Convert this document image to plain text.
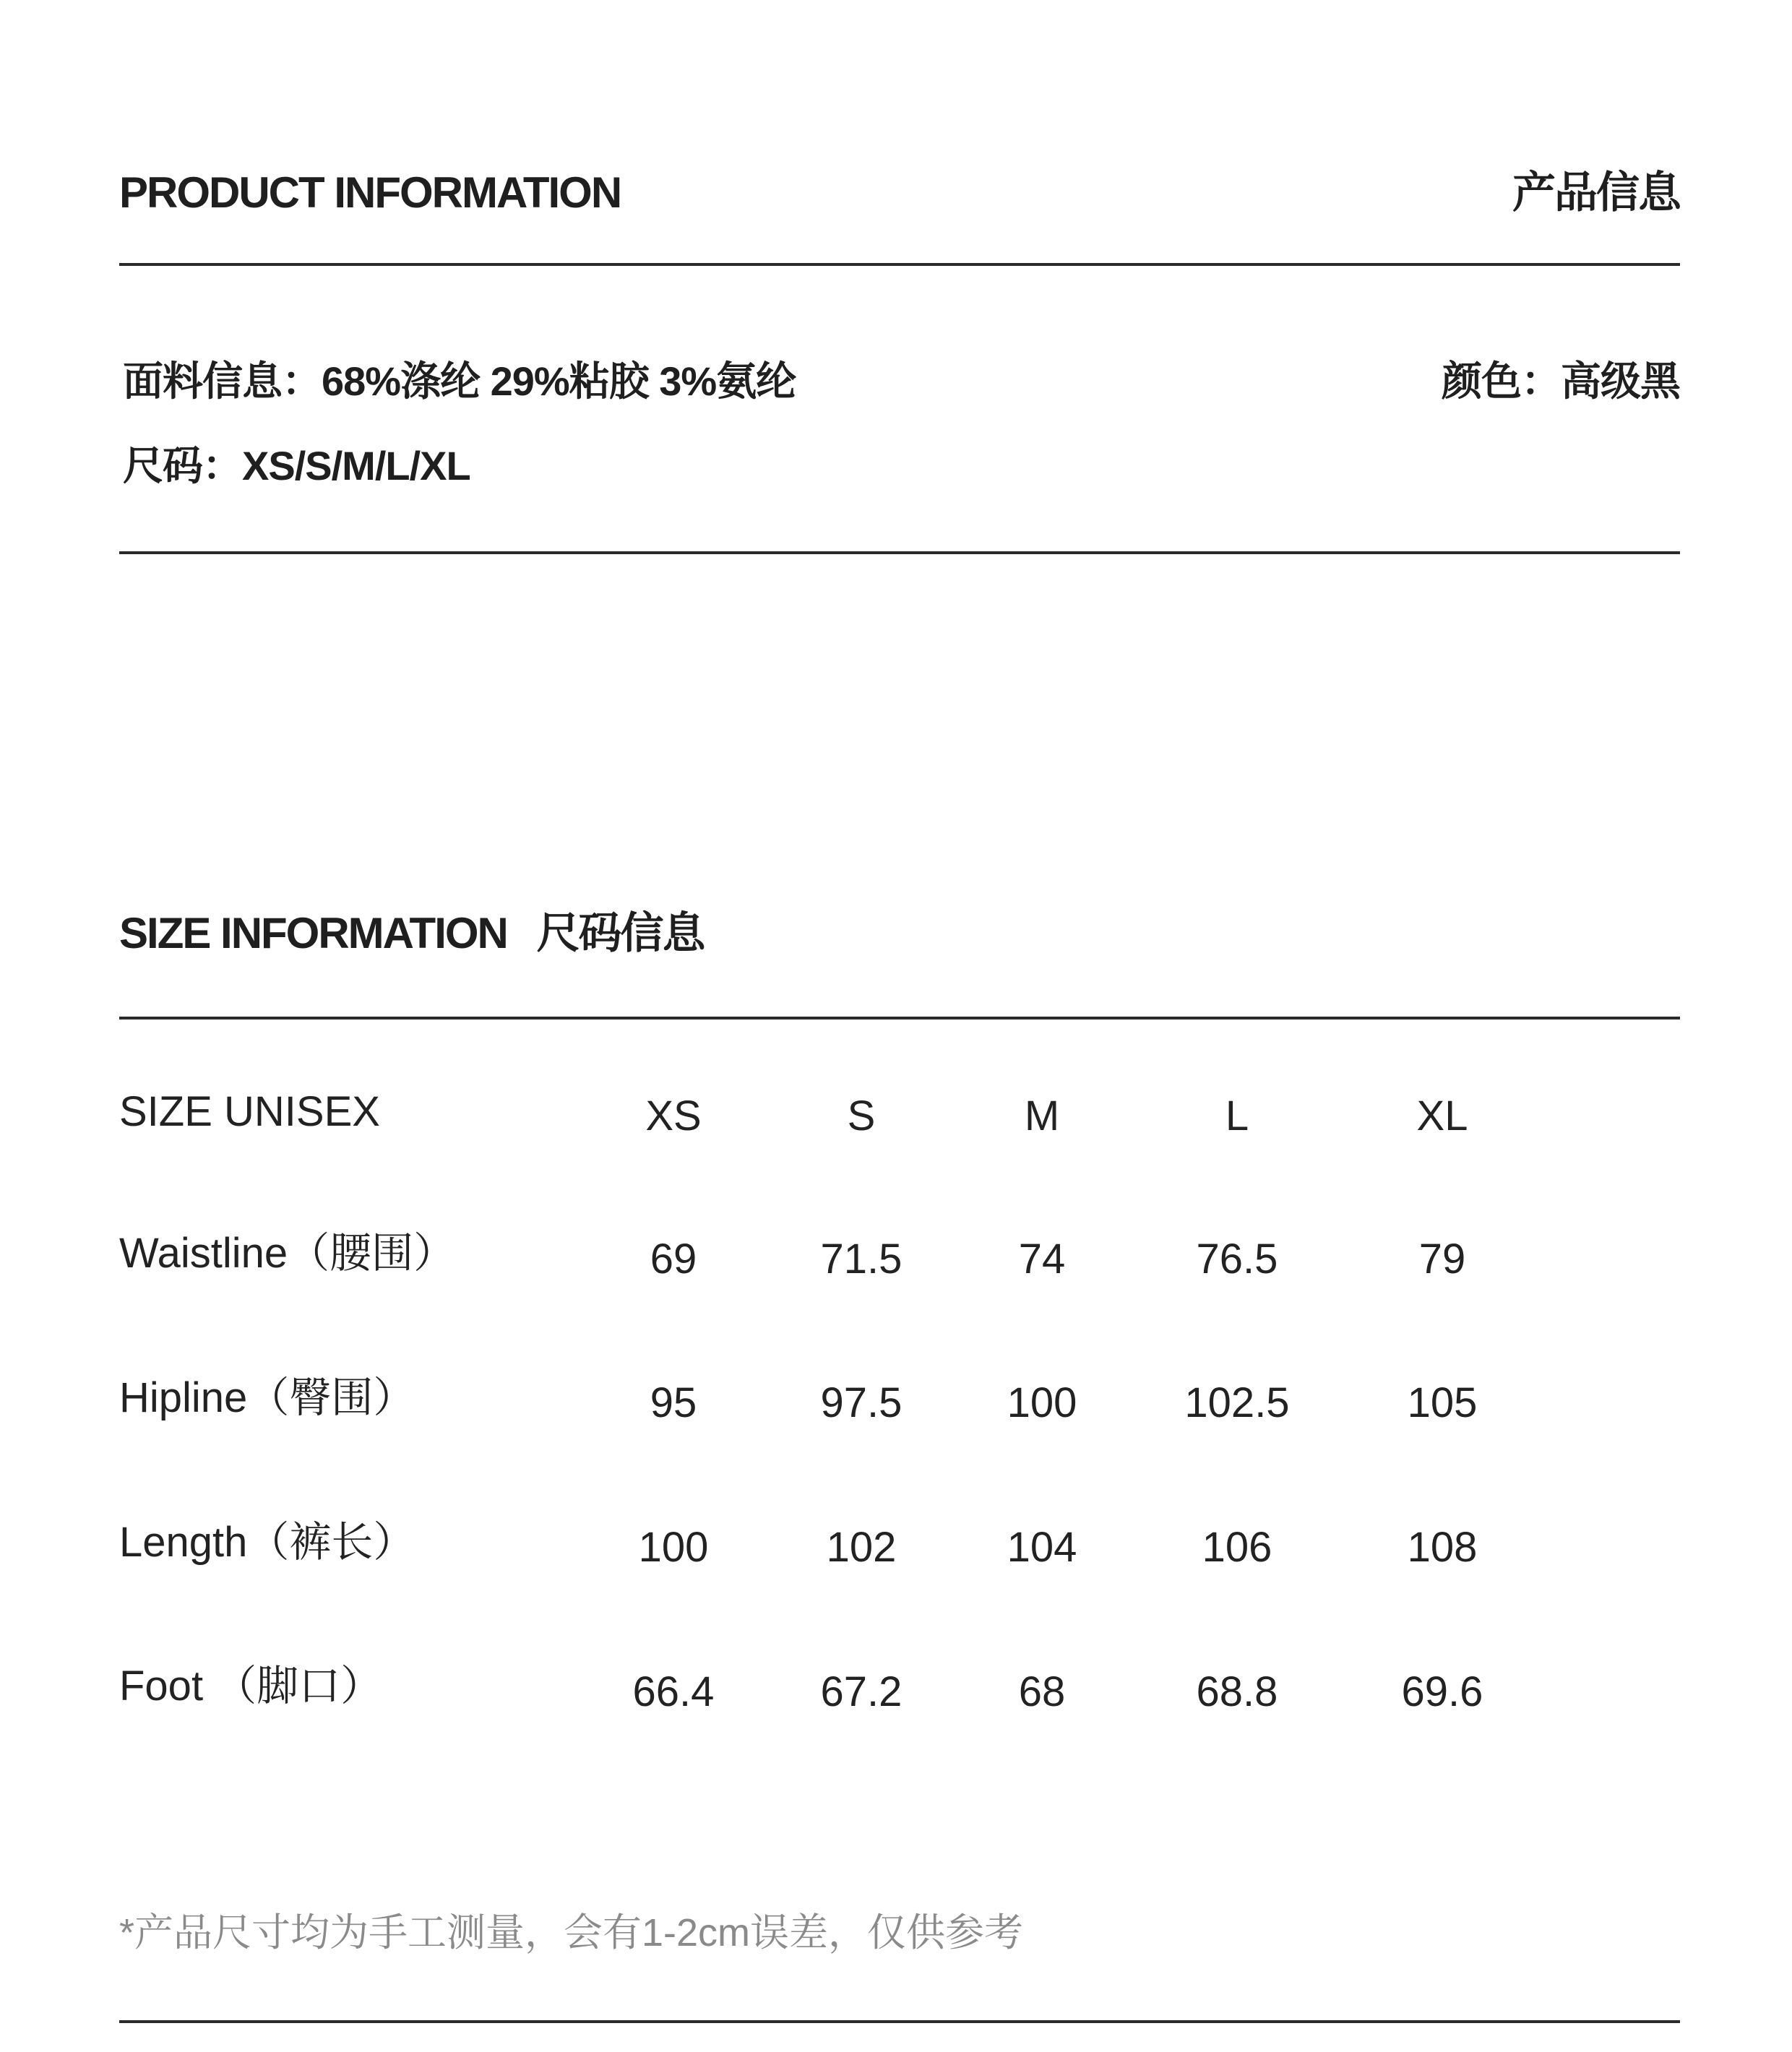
PRODUCT INFORMATION	产品信息
面料信息：68%涤纶 29%粘胶 3%氨纶	颜色：高级黑
尺码：XS/S/M/L/XL
SIZE INFORMATION 尺码信息
SIZE UNISEX	XS	S	M	L	XL
Waistline（腰围）	69	71.5	74	76.5	79
Hipline（臀围）	95	97.5	100	102.5	105
Length（裤长）	100	102	104	106	108
Foot （脚口）	66.4	67.2	68	68.8	69.6
*产品尺寸均为手工测量，会有1-2cm误差，仅供参考
